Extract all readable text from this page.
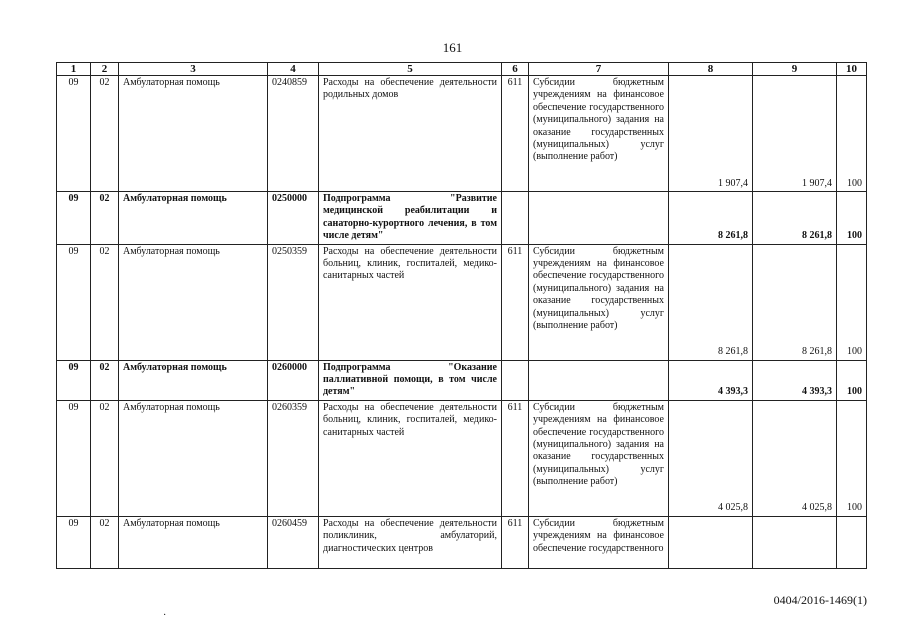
161
1	2	3	4	5	6	7	8	9	10
09	02	Амбулаторная помощь	0240859	Расходы на обеспечение деятельности родильных домов	611	Субсидии бюджетным учреждениям на финансовое обеспечение государственного (муниципального) задания на оказание государственных (муниципальных) услуг (выполнение работ)	1 907,4	1 907,4	100
09	02	Амбулаторная помощь	0250000	Подпрограмма "Развитие медицинской реабилитации и санаторно-курортного лечения, в том числе детям"			8 261,8	8 261,8	100
09	02	Амбулаторная помощь	0250359	Расходы на обеспечение деятельности больниц, клиник, госпиталей, медико-санитарных частей	611	Субсидии бюджетным учреждениям на финансовое обеспечение государственного (муниципального) задания на оказание государственных (муниципальных) услуг (выполнение работ)	8 261,8	8 261,8	100
09	02	Амбулаторная помощь	0260000	Подпрограмма "Оказание паллиативной помощи, в том числе детям"			4 393,3	4 393,3	100
09	02	Амбулаторная помощь	0260359	Расходы на обеспечение деятельности больниц, клиник, госпиталей, медико-санитарных частей	611	Субсидии бюджетным учреждениям на финансовое обеспечение государственного (муниципального) задания на оказание государственных (муниципальных) услуг (выполнение работ)	4 025,8	4 025,8	100
09	02	Амбулаторная помощь	0260459	Расходы на обеспечение деятельности поликлиник, амбулаторий, диагностических центров	611	Субсидии бюджетным учреждениям на финансовое обеспечение государственного			
0404/2016-1469(1)
·
